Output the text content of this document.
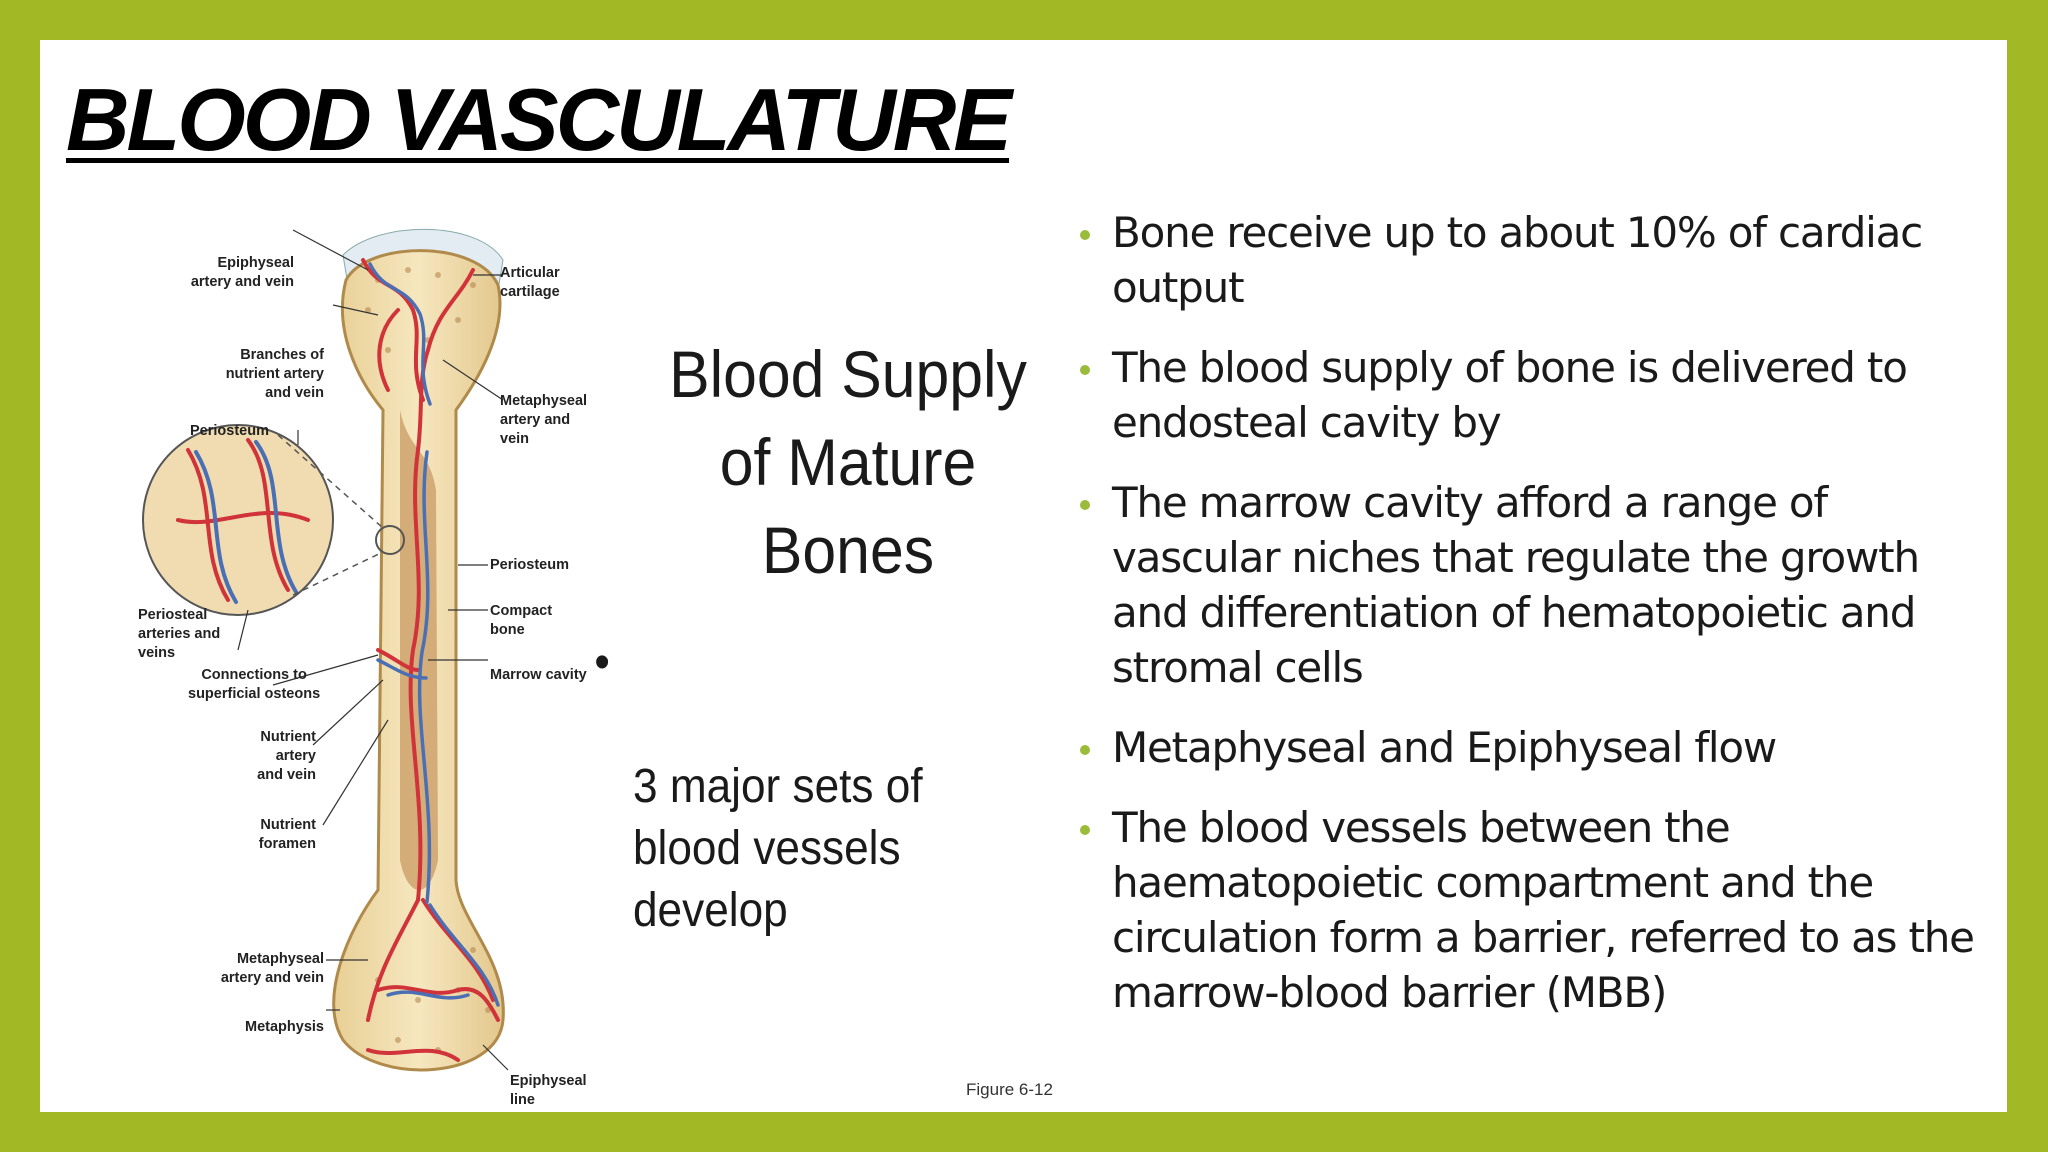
BLOOD VASCULATURE
Epiphyseal
artery and vein
Branches of
nutrient artery
and vein
Periosteum
Periosteal
arteries and
veins
Connections to
superficial osteons
Nutrient
artery
and vein
Nutrient
foramen
Metaphyseal
artery and vein
Metaphysis
Articular
cartilage
Metaphyseal
artery and
vein
Periosteum
Compact
bone
Marrow cavity
Epiphyseal
line
Blood Supply
of Mature
Bones

•

3 major sets of
blood vessels
develop

Figure 6-12
Bone receive up to about 10% of cardiac output
The blood supply of bone is delivered to endosteal cavity by
The marrow cavity afford a range of vascular niches that regulate the growth and differentiation of hematopoietic and stromal cells
Metaphyseal and Epiphyseal flow
The blood vessels between the haematopoietic compartment and the circulation form a barrier, referred to as the marrow-blood barrier (MBB)
